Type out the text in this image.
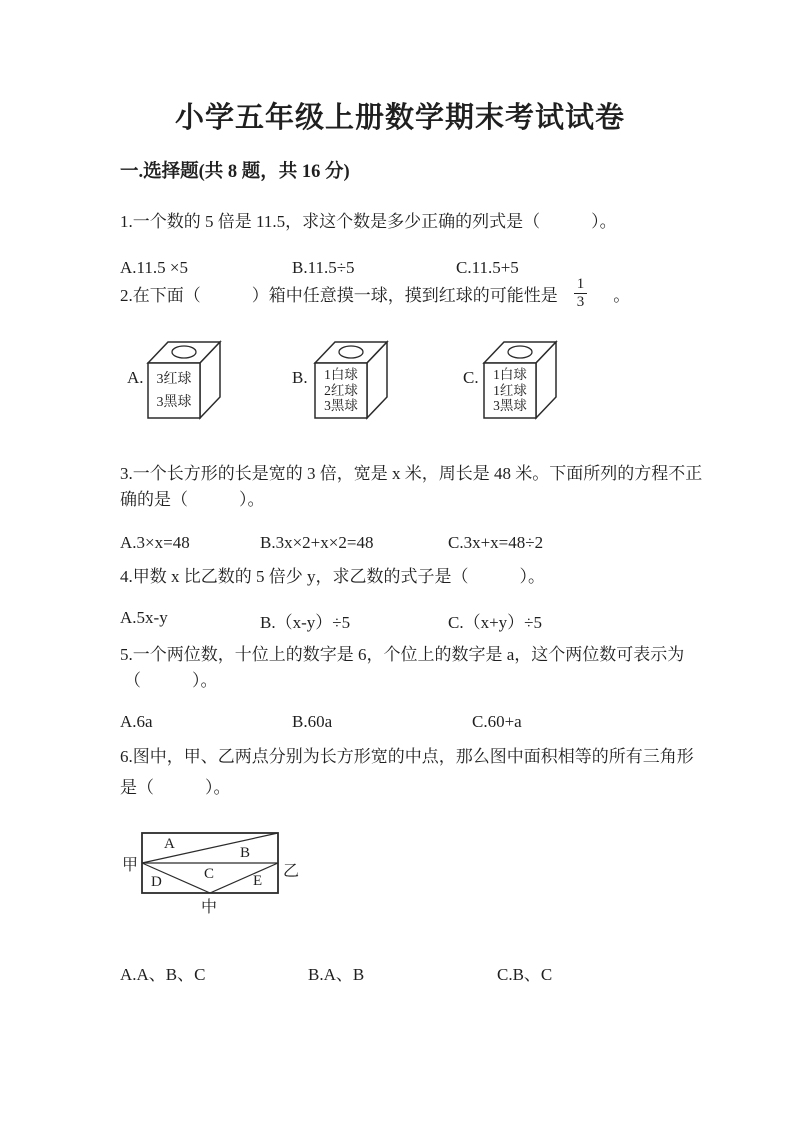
小学五年级上册数学期末考试试卷
一.选择题(共 8 题，共 16 分)
1.一个数的 5 倍是 11.5，求这个数是多少正确的列式是（　　　）。
A.11.5 ×5	B.11.5÷5	C.11.5+5
2.在下面（　　　）箱中任意摸一球，摸到红球的可能性是 $\frac{1}{3}$ 。
A. 3红球
3黑球
B. 1白球
2红球
3黑球
C. 1白球
1红球
3黑球
3.一个长方形的长是宽的 3 倍，宽是 x 米，周长是 48 米。下面所列的方程不正
确的是（　　　）。
A.3×x=48	B.3x×2+x×2=48	C.3x+x=48÷2
4.甲数 x 比乙数的 5 倍少 y，求乙数的式子是（　　　）。
A.5x-y	B.（x-y）÷5	C.（x+y）÷5
5.一个两位数，十位上的数字是 6，个位上的数字是 a，这个两位数可表示为
（　　　）。
A.6a	B.60a	C.60+a
6.图中，甲、乙两点分别为长方形宽的中点，那么图中面积相等的所有三角形
是（　　　）。
甲	乙
中
A
B
C
D	E
A.A、B、C	B.A、B	C.B、C
